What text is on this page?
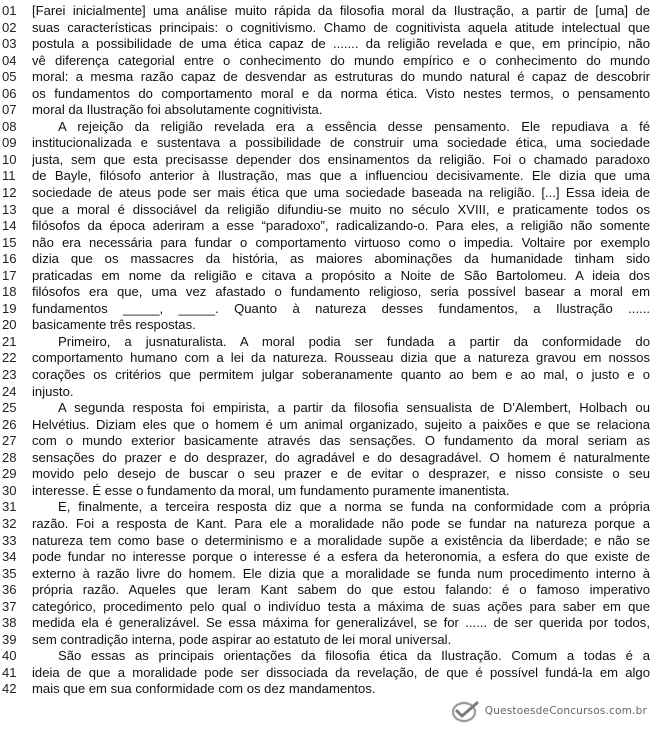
01	[Farei inicialmente] uma análise muito rápida da filosofia moral da Ilustração, a partir de [uma] de
02	suas características principais: o cognitivismo. Chamo de cognitivista aquela atitude intelectual que
03	postula a possibilidade de uma ética capaz de ....... da religião revelada e que, em princípio, não
04	vê diferença categorial entre o conhecimento do mundo empírico e o conhecimento do mundo
05	moral: a mesma razão capaz de desvendar as estruturas do mundo natural é capaz de descobrir
06	os fundamentos do comportamento moral e da norma ética. Visto nestes termos, o pensamento
07	moral da Ilustração foi absolutamente cognitivista.
08	A rejeição da religião revelada era a essência desse pensamento. Ele repudiava a fé
09	institucionalizada e sustentava a possibilidade de construir uma sociedade ética, uma sociedade
10	justa, sem que esta precisasse depender dos ensinamentos da religião. Foi o chamado paradoxo
11	de Bayle, filósofo anterior à Ilustração, mas que a influenciou decisivamente. Ele dizia que uma
12	sociedade de ateus pode ser mais ética que uma sociedade baseada na religião. [...] Essa ideia de
13	que a moral é dissociável da religião difundiu-se muito no século XVIII, e praticamente todos os
14	filósofos da época aderiram a esse “paradoxo”, radicalizando-o. Para eles, a religião não somente
15	não era necessária para fundar o comportamento virtuoso como o impedia. Voltaire por exemplo
16	dizia que os massacres da história, as maiores abominações da humanidade tinham sido
17	praticadas em nome da religião e citava a propósito a Noite de São Bartolomeu. A ideia dos
18	filósofos era que, uma vez afastado o fundamento religioso, seria possível basear a moral em
19	fundamentos _____, _____. Quanto à natureza desses fundamentos, a Ilustração ......
20	basicamente três respostas.
21	Primeiro, a jusnaturalista. A moral podia ser fundada a partir da conformidade do
22	comportamento humano com a lei da natureza. Rousseau dizia que a natureza gravou em nossos
23	corações os critérios que permitem julgar soberanamente quanto ao bem e ao mal, o justo e o
24	injusto.
25	A segunda resposta foi empirista, a partir da filosofia sensualista de D’Alembert, Holbach ou
26	Helvétius. Diziam eles que o homem é um animal organizado, sujeito a paixões e que se relaciona
27	com o mundo exterior basicamente através das sensações. O fundamento da moral seriam as
28	sensações do prazer e do desprazer, do agradável e do desagradável. O homem é naturalmente
29	movido pelo desejo de buscar o seu prazer e de evitar o desprazer, e nisso consiste o seu
30	interesse. É esse o fundamento da moral, um fundamento puramente imanentista.
31	E, finalmente, a terceira resposta diz que a norma se funda na conformidade com a própria
32	razão. Foi a resposta de Kant. Para ele a moralidade não pode se fundar na natureza porque a
33	natureza tem como base o determinismo e a moralidade supõe a existência da liberdade; e não se
34	pode fundar no interesse porque o interesse é a esfera da heteronomia, a esfera do que existe de
35	externo à razão livre do homem. Ele dizia que a moralidade se funda num procedimento interno à
36	própria razão. Aqueles que leram Kant sabem do que estou falando: é o famoso imperativo
37	categórico, procedimento pelo qual o indivíduo testa a máxima de suas ações para saber em que
38	medida ela é generalizável. Se essa máxima for generalizável, se for ...... de ser querida por todos,
39	sem contradição interna, pode aspirar ao estatuto de lei moral universal.
40	São essas as principais orientações da filosofia ética da Ilustração. Comum a todas é a
41	ideia de que a moralidade pode ser dissociada da revelação, de que é possível fundá-la em algo
42	mais que em sua conformidade com os dez mandamentos.
QuestoesdeConcursos.com.br
